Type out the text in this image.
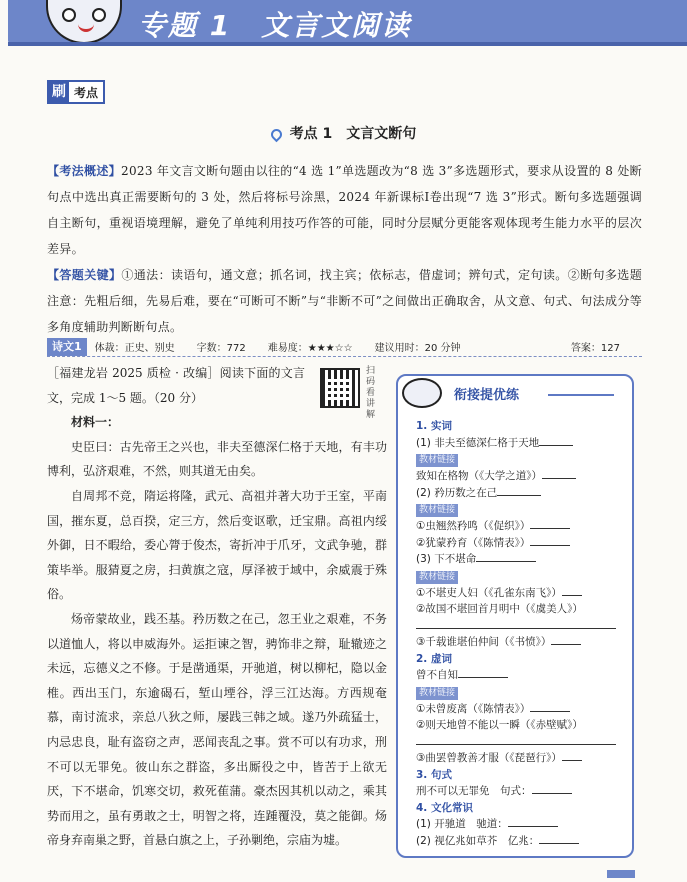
专题 1　文言文阅读
刷 考点
考点 1　文言文断句

【考法概述】2023 年文言文断句题由以往的“4 选 1”单选题改为“8 选 3”多选题形式，要求从设置的 8 处断句点中选出真正需要断句的 3 处，然后将标号涂黑，2024 年新课标Ⅰ卷出现“7 选 3”形式。断句多选题强调自主断句，重视语境理解，避免了单纯利用技巧作答的可能，同时分层赋分更能客观体现考生能力水平的层次差异。

【答题关键】①通法：读语句，通文意；抓名词，找主宾；依标志，借虚词；辨句式，定句读。②断句多选题注意：先粗后细，先易后难，要在“可断可不断”与“非断不可”之间做出正确取舍，从文意、句式、句法成分等多角度辅助判断断句点。

诗文1	体裁：正史、别史 字数：772 难易度：★★★☆☆ 建议用时：20 分钟	答案：127
扫码看讲解

［福建龙岩 2025 质检 · 改编］阅读下面的文言文，完成 1～5 题。（20 分）

材料一：

史臣曰：古先帝王之兴也，非夫至德深仁格于天地，有丰功博利，弘济艰难，不然，则其道无由矣。

自周邦不竞，隋运将隆，武元、高祖并著大功于王室，平南国，摧东夏，总百揆，定三方，然后变讴歌，迁宝鼎。高祖内绥外御，日不暇给，委心膂于俊杰，寄折冲于爪牙，文武争驰，群策毕举。服猜夏之房，扫黄旗之寇，厚泽被于域中，余威震于殊俗。

炀帝蒙故业，践丕基。矜历数之在己，忽王业之艰难，不务以道恤人，将以申威海外。运拒谏之智，骋饰非之辩，耻辙迹之未远，忘德义之不修。于是凿通渠，开驰道，树以柳杞，隐以金椎。西出玉门，东逾碣石，堑山堙谷，浮三江达海。方西规奄慕，南讨流求，亲总八狄之师，屡践三韩之域。遂乃外疏猛士，内忌忠良，耻有盗窃之声，恶闻丧乱之事。赏不可以有功求，刑不可以无罪免。彼山东之群盗，多出厮役之中，皆苦于上欲无厌，下不堪命，饥寒交切，救死萑蒲。豪杰因其机以动之，乘其势而用之，虽有勇敢之士，明智之将，连踵覆没，莫之能御。炀帝身弃南巢之野，首悬白旗之上，子孙剿绝，宗庙为墟。

衔接提优练
1. 实词
(1) 非夫至德深仁格于天地
教材链接
致知在格物（《大学之道》）
(2) 矜历数之在己
教材链接
①虫翘然矜鸣（《促织》）
②犹蒙矜育（《陈情表》）
(3) 下不堪命
教材链接
①不堪吏人妇（《孔雀东南飞》）
②故国不堪回首月明中（《虞美人》）
③千载谁堪伯仲间（《书愤》）
2. 虚词
曾不自知
教材链接
①未曾废离（《陈情表》）
②则天地曾不能以一瞬（《赤壁赋》）
③曲罢曾教善才服（《琵琶行》）
3. 句式
刑不可以无罪免　句式：
4. 文化常识
(1) 开驰道　驰道：
(2) 视亿兆如草芥　亿兆：
